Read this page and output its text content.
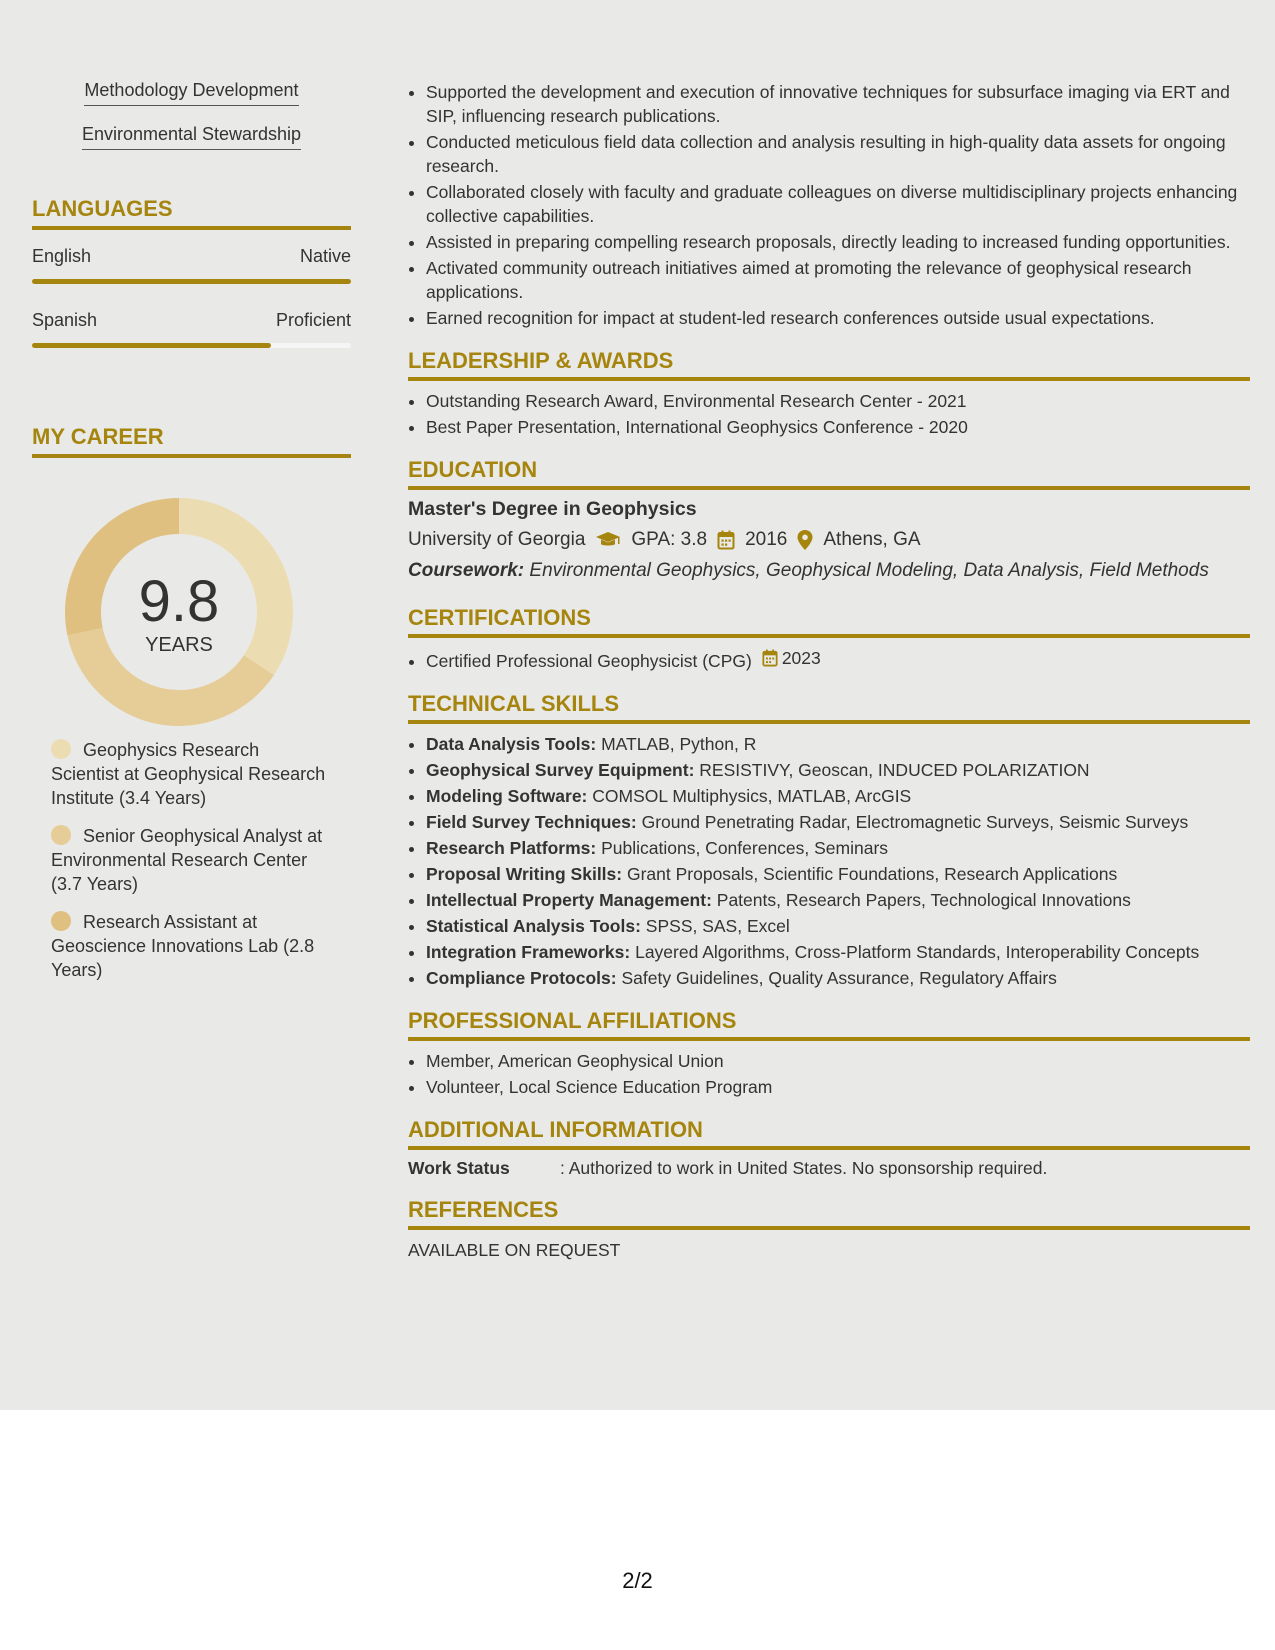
Methodology Development
Environmental Stewardship
LANGUAGES
English	Native
Spanish	Proficient
MY CAREER
9.8
YEARS
Geophysics Research Scientist at Geophysical Research Institute (3.4 Years)
Senior Geophysical Analyst at Environmental Research Center (3.7 Years)
Research Assistant at Geoscience Innovations Lab (2.8 Years)
• Supported the development and execution of innovative techniques for subsurface imaging via ERT and SIP, influencing research publications.
• Conducted meticulous field data collection and analysis resulting in high-quality data assets for ongoing research.
• Collaborated closely with faculty and graduate colleagues on diverse multidisciplinary projects enhancing collective capabilities.
• Assisted in preparing compelling research proposals, directly leading to increased funding opportunities.
• Activated community outreach initiatives aimed at promoting the relevance of geophysical research applications.
• Earned recognition for impact at student-led research conferences outside usual expectations.
LEADERSHIP & AWARDS
• Outstanding Research Award, Environmental Research Center - 2021
• Best Paper Presentation, International Geophysics Conference - 2020
EDUCATION
Master's Degree in Geophysics
University of Georgia GPA: 3.8 2016 Athens, GA
Coursework: Environmental Geophysics, Geophysical Modeling, Data Analysis, Field Methods
CERTIFICATIONS
• Certified Professional Geophysicist (CPG) 2023
TECHNICAL SKILLS
• Data Analysis Tools: MATLAB, Python, R
• Geophysical Survey Equipment: RESISTIVY, Geoscan, INDUCED POLARIZATION
• Modeling Software: COMSOL Multiphysics, MATLAB, ArcGIS
• Field Survey Techniques: Ground Penetrating Radar, Electromagnetic Surveys, Seismic Surveys
• Research Platforms: Publications, Conferences, Seminars
• Proposal Writing Skills: Grant Proposals, Scientific Foundations, Research Applications
• Intellectual Property Management: Patents, Research Papers, Technological Innovations
• Statistical Analysis Tools: SPSS, SAS, Excel
• Integration Frameworks: Layered Algorithms, Cross-Platform Standards, Interoperability Concepts
• Compliance Protocols: Safety Guidelines, Quality Assurance, Regulatory Affairs
PROFESSIONAL AFFILIATIONS
• Member, American Geophysical Union
• Volunteer, Local Science Education Program
ADDITIONAL INFORMATION
Work Status	: Authorized to work in United States. No sponsorship required.
REFERENCES
AVAILABLE ON REQUEST
2/2
